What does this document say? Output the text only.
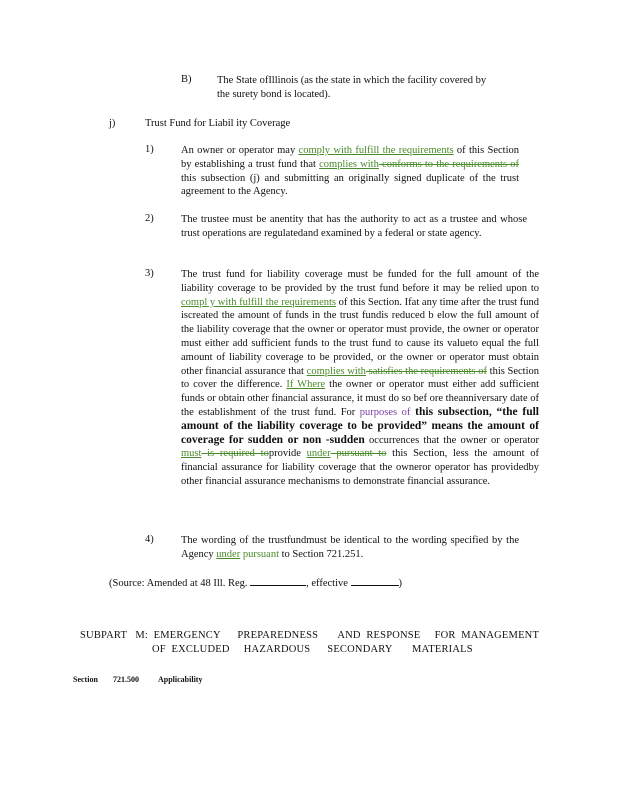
B) The State ofIllinois (as the state in which the facility covered by
the surety bond is located).
j)	Trust Fund for Liabil ity Coverage
1)	An owner or operator may comply with fulfill the requirements of this Section by establishing a trust fund that complies with conforms to the requirements of this subsection (j) and submitting an originally signed duplicate of the trust agreement to the Agency.
2)	The trustee must be anentity that has the authority to act as a trustee and whose trust operations are regulatedand examined by a federal or state agency.
3)	The trust fund for liability coverage must be funded for the full amount of the liability coverage to be provided by the trust fund before it may be relied upon to compl y with fulfill the requirements of this Section. Ifat any time after the trust fund iscreated the amount of funds in the trust fundis reduced b elow the full amount of the liability coverage that the owner or operator must provide, the owner or operator must either add sufficient funds to the trust fund to cause its valueto equal the full amount of liability coverage to be provided, or the owner or operator must obtain other financial assurance that complies with satisfies the requirements of this Section to cover the difference. If Where the owner or operator must either add sufficient funds or obtain other financial assurance, it must do so bef ore theanniversary date of the establishment of the trust fund. For purposes of this subsection, “the full amount of the liability coverage to be provided” means the amount of coverage for sudden or non -sudden occurrences that the owner or operator must is required toprovide under pursuant to this Section, less the amount of financial assurance for liability coverage that the owneror operator has providedby other financial assurance mechanisms to demonstrate financial assurance.
4)	The wording of the trustfundmust be identical to the wording specified by the Agency under pursuant to Section 721.251.
(Source: Amended at 48 Ill. Reg.	, effective	)
SUBPART   M:  EMERGENCY      PREPAREDNESS       AND  RESPONSE     FOR  MANAGEMENT
OF  EXCLUDED     HAZARDOUS      SECONDARY       MATERIALS
Section 721.500 Applicability
